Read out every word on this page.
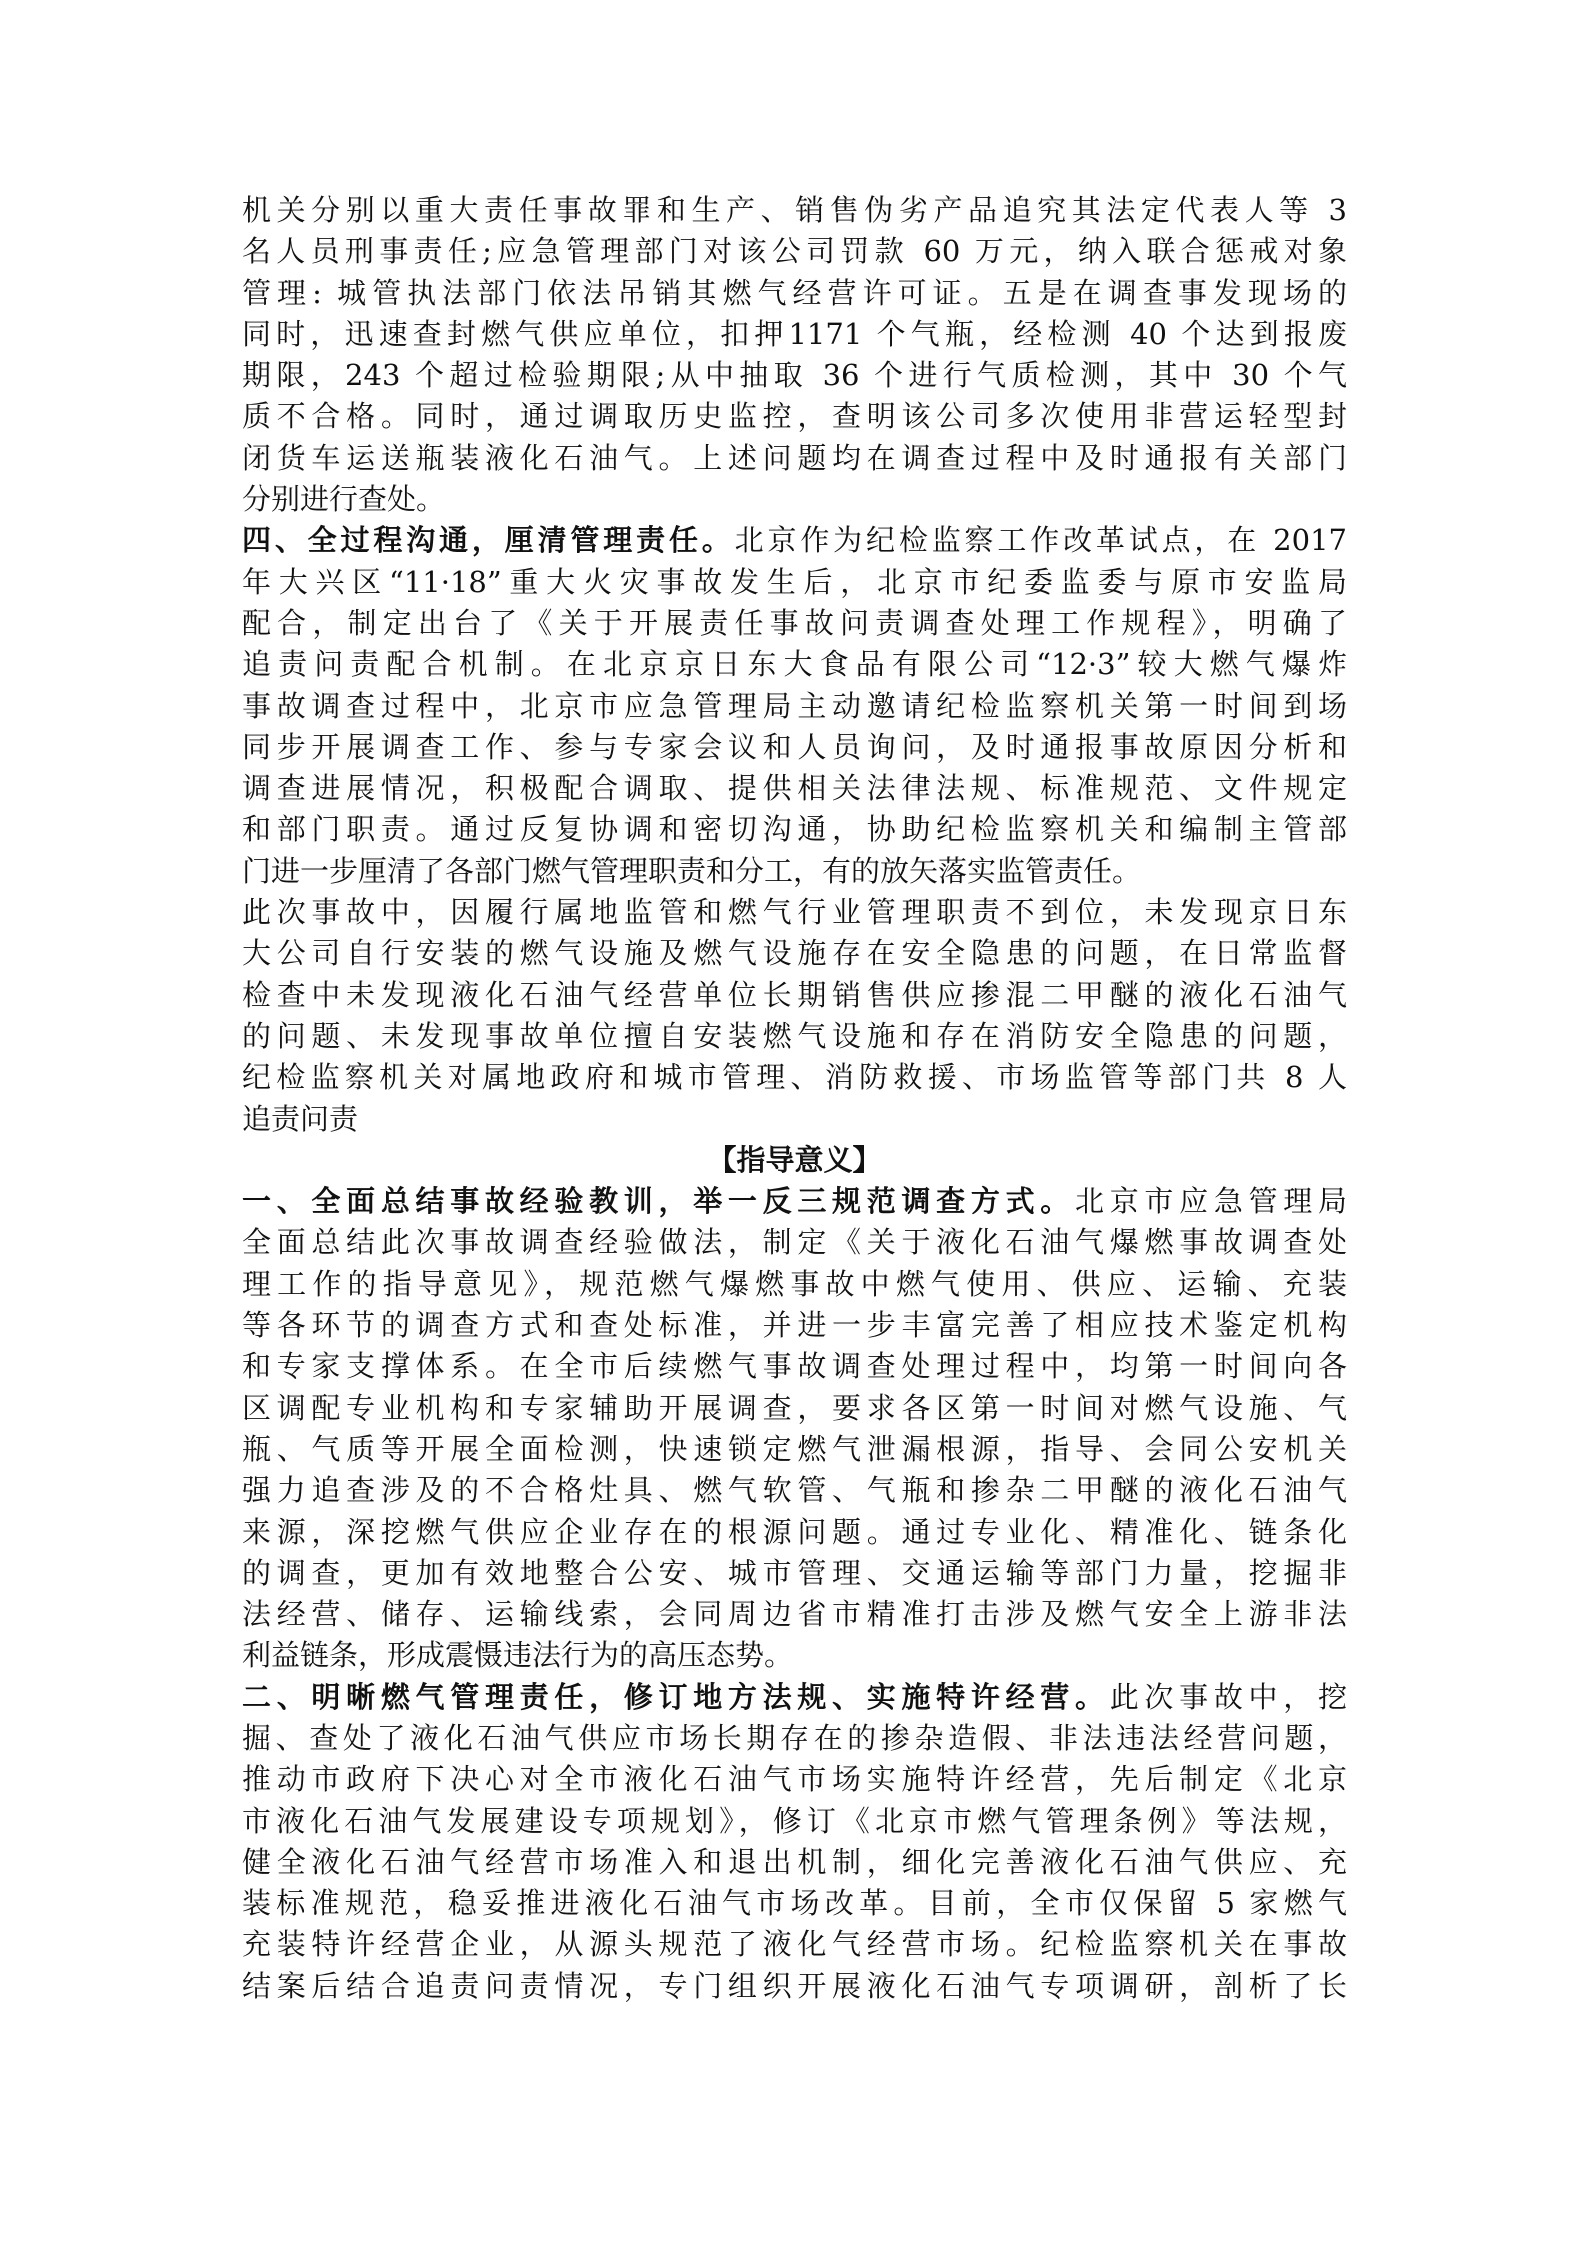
机关分别以重大责任事故罪和生产、销售伪劣产品追究其法定代表人等 3
名人员刑事责任;应急管理部门对该公司罚款 60 万元，纳入联合惩戒对象
管理: 城管执法部门依法吊销其燃气经营许可证。五是在调查事发现场的
同时，迅速查封燃气供应单位，扣押1171 个气瓶，经检测 40 个达到报废
期限，243 个超过检验期限;从中抽取 36 个进行气质检测，其中 30 个气
质不合格。同时，通过调取历史监控，查明该公司多次使用非营运轻型封
闭货车运送瓶装液化石油气。上述问题均在调查过程中及时通报有关部门
分别进行查处。
四、全过程沟通，厘清管理责任。北京作为纪检监察工作改革试点，在 2017
年大兴区“11·18”重大火灾事故发生后，北京市纪委监委与原市安监局
配合，制定出台了《关于开展责任事故问责调查处理工作规程》，明确了
追责问责配合机制。在北京京日东大食品有限公司“12·3”较大燃气爆炸
事故调查过程中，北京市应急管理局主动邀请纪检监察机关第一时间到场
同步开展调查工作、参与专家会议和人员询问，及时通报事故原因分析和
调查进展情况，积极配合调取、提供相关法律法规、标准规范、文件规定
和部门职责。通过反复协调和密切沟通，协助纪检监察机关和编制主管部
门进一步厘清了各部门燃气管理职责和分工，有的放矢落实监管责任。
此次事故中，因履行属地监管和燃气行业管理职责不到位，未发现京日东
大公司自行安装的燃气设施及燃气设施存在安全隐患的问题，在日常监督
检查中未发现液化石油气经营单位长期销售供应掺混二甲醚的液化石油气
的问题、未发现事故单位擅自安装燃气设施和存在消防安全隐患的问题，
纪检监察机关对属地政府和城市管理、消防救援、市场监管等部门共 8 人
追责问责
【指导意义】
一、全面总结事故经验教训，举一反三规范调查方式。北京市应急管理局
全面总结此次事故调查经验做法，制定《关于液化石油气爆燃事故调查处
理工作的指导意见》，规范燃气爆燃事故中燃气使用、供应、运输、充装
等各环节的调查方式和查处标准，并进一步丰富完善了相应技术鉴定机构
和专家支撑体系。在全市后续燃气事故调查处理过程中，均第一时间向各
区调配专业机构和专家辅助开展调查，要求各区第一时间对燃气设施、气
瓶、气质等开展全面检测，快速锁定燃气泄漏根源，指导、会同公安机关
强力追查涉及的不合格灶具、燃气软管、气瓶和掺杂二甲醚的液化石油气
来源，深挖燃气供应企业存在的根源问题。通过专业化、精准化、链条化
的调查，更加有效地整合公安、城市管理、交通运输等部门力量，挖掘非
法经营、储存、运输线索，会同周边省市精准打击涉及燃气安全上游非法
利益链条，形成震慑违法行为的高压态势。
二、明晰燃气管理责任，修订地方法规、实施特许经营。此次事故中，挖
掘、查处了液化石油气供应市场长期存在的掺杂造假、非法违法经营问题，
推动市政府下决心对全市液化石油气市场实施特许经营，先后制定《北京
市液化石油气发展建设专项规划》，修订《北京市燃气管理条例》等法规，
健全液化石油气经营市场准入和退出机制，细化完善液化石油气供应、充
装标准规范，稳妥推进液化石油气市场改革。目前，全市仅保留 5 家燃气
充装特许经营企业，从源头规范了液化气经营市场。纪检监察机关在事故
结案后结合追责问责情况，专门组织开展液化石油气专项调研，剖析了长
